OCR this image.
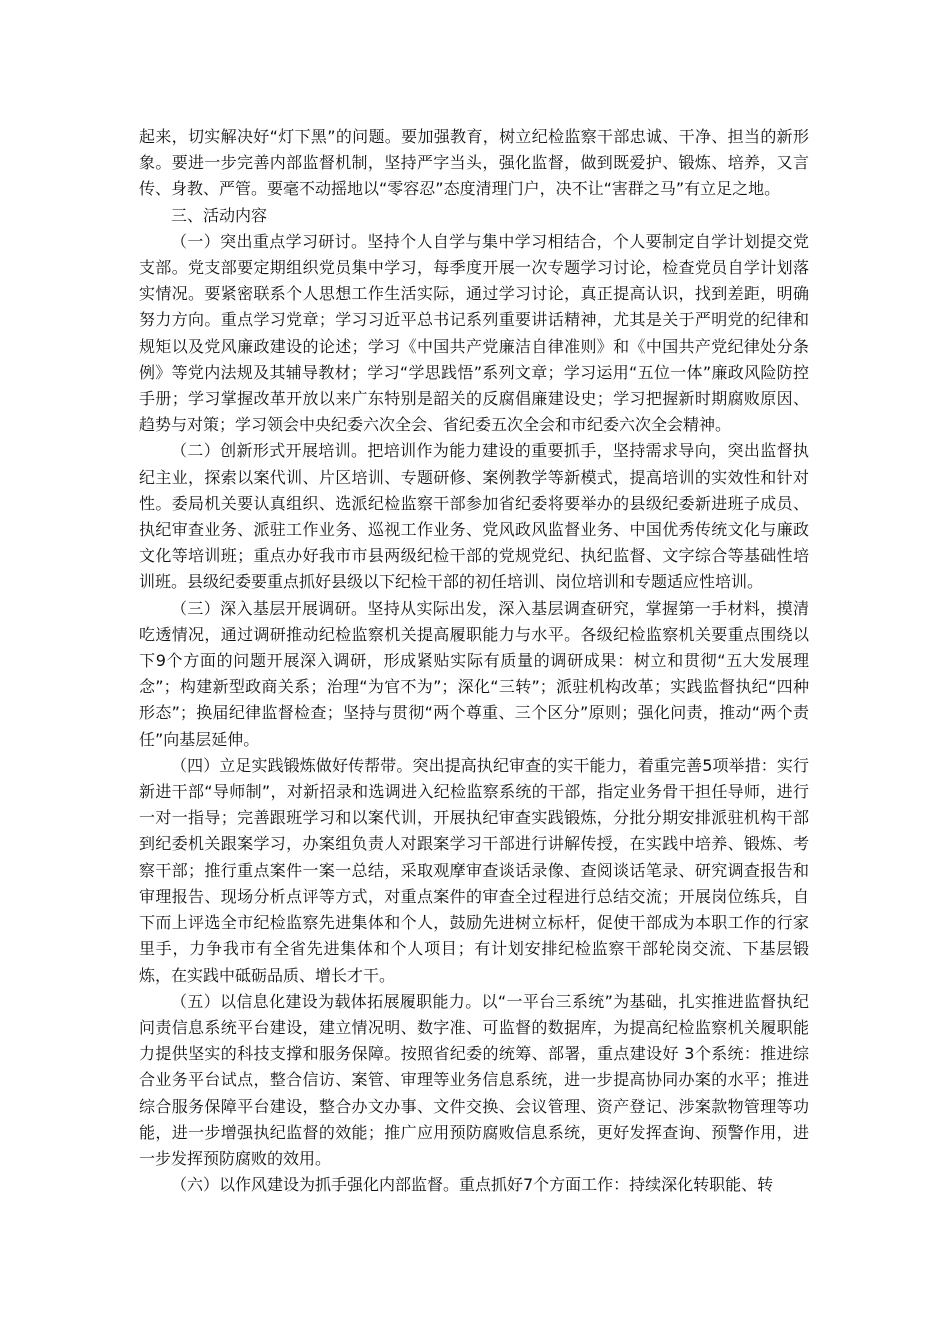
起来，切实解决好“灯下黑”的问题。要加强教育，树立纪检监察干部忠诚、干净、担当的新形象。要进一步完善内部监督机制，坚持严字当头，强化监督，做到既爱护、锻炼、培养，又言传、身教、严管。要毫不动摇地以“零容忍”态度清理门户，决不让“害群之马”有立足之地。

三、活动内容

（一）突出重点学习研讨。坚持个人自学与集中学习相结合，个人要制定自学计划提交党支部。党支部要定期组织党员集中学习，每季度开展一次专题学习讨论，检查党员自学计划落实情况。要紧密联系个人思想工作生活实际，通过学习讨论，真正提高认识，找到差距，明确努力方向。重点学习党章；学习习近平总书记系列重要讲话精神，尤其是关于严明党的纪律和规矩以及党风廉政建设的论述；学习《中国共产党廉洁自律准则》和《中国共产党纪律处分条例》等党内法规及其辅导教材；学习“学思践悟”系列文章；学习运用“五位一体”廉政风险防控手册；学习掌握改革开放以来广东特别是韶关的反腐倡廉建设史；学习把握新时期腐败原因、趋势与对策；学习领会中央纪委六次全会、省纪委五次全会和市纪委六次全会精神。

（二）创新形式开展培训。把培训作为能力建设的重要抓手，坚持需求导向，突出监督执纪主业，探索以案代训、片区培训、专题研修、案例教学等新模式，提高培训的实效性和针对性。委局机关要认真组织、选派纪检监察干部参加省纪委将要举办的县级纪委新进班子成员、执纪审查业务、派驻工作业务、巡视工作业务、党风政风监督业务、中国优秀传统文化与廉政文化等培训班；重点办好我市市县两级纪检干部的党规党纪、执纪监督、文字综合等基础性培训班。县级纪委要重点抓好县级以下纪检干部的初任培训、岗位培训和专题适应性培训。

（三）深入基层开展调研。坚持从实际出发，深入基层调查研究，掌握第一手材料，摸清吃透情况，通过调研推动纪检监察机关提高履职能力与水平。各级纪检监察机关要重点围绕以下9个方面的问题开展深入调研，形成紧贴实际有质量的调研成果：树立和贯彻“五大发展理念”；构建新型政商关系；治理“为官不为”；深化“三转”；派驻机构改革；实践监督执纪“四种形态”；换届纪律监督检查；坚持与贯彻“两个尊重、三个区分”原则；强化问责，推动“两个责任”向基层延伸。

（四）立足实践锻炼做好传帮带。突出提高执纪审查的实干能力，着重完善5项举措：实行新进干部“导师制”，对新招录和选调进入纪检监察系统的干部，指定业务骨干担任导师，进行一对一指导；完善跟班学习和以案代训，开展执纪审查实践锻炼，分批分期安排派驻机构干部到纪委机关跟案学习，办案组负责人对跟案学习干部进行讲解传授，在实践中培养、锻炼、考察干部；推行重点案件一案一总结，采取观摩审查谈话录像、查阅谈话笔录、研究调查报告和审理报告、现场分析点评等方式，对重点案件的审查全过程进行总结交流；开展岗位练兵，自下而上评选全市纪检监察先进集体和个人，鼓励先进树立标杆，促使干部成为本职工作的行家里手，力争我市有全省先进集体和个人项目；有计划安排纪检监察干部轮岗交流、下基层锻炼，在实践中砥砺品质、增长才干。

（五）以信息化建设为载体拓展履职能力。以“一平台三系统”为基础，扎实推进监督执纪问责信息系统平台建设，建立情况明、数字准、可监督的数据库，为提高纪检监察机关履职能力提供坚实的科技支撑和服务保障。按照省纪委的统筹、部署，重点建设好 3个系统：推进综合业务平台试点，整合信访、案管、审理等业务信息系统，进一步提高协同办案的水平；推进综合服务保障平台建设，整合办文办事、文件交换、会议管理、资产登记、涉案款物管理等功能，进一步增强执纪监督的效能；推广应用预防腐败信息系统，更好发挥查询、预警作用，进一步发挥预防腐败的效用。

（六）以作风建设为抓手强化内部监督。重点抓好7个方面工作：持续深化转职能、转
